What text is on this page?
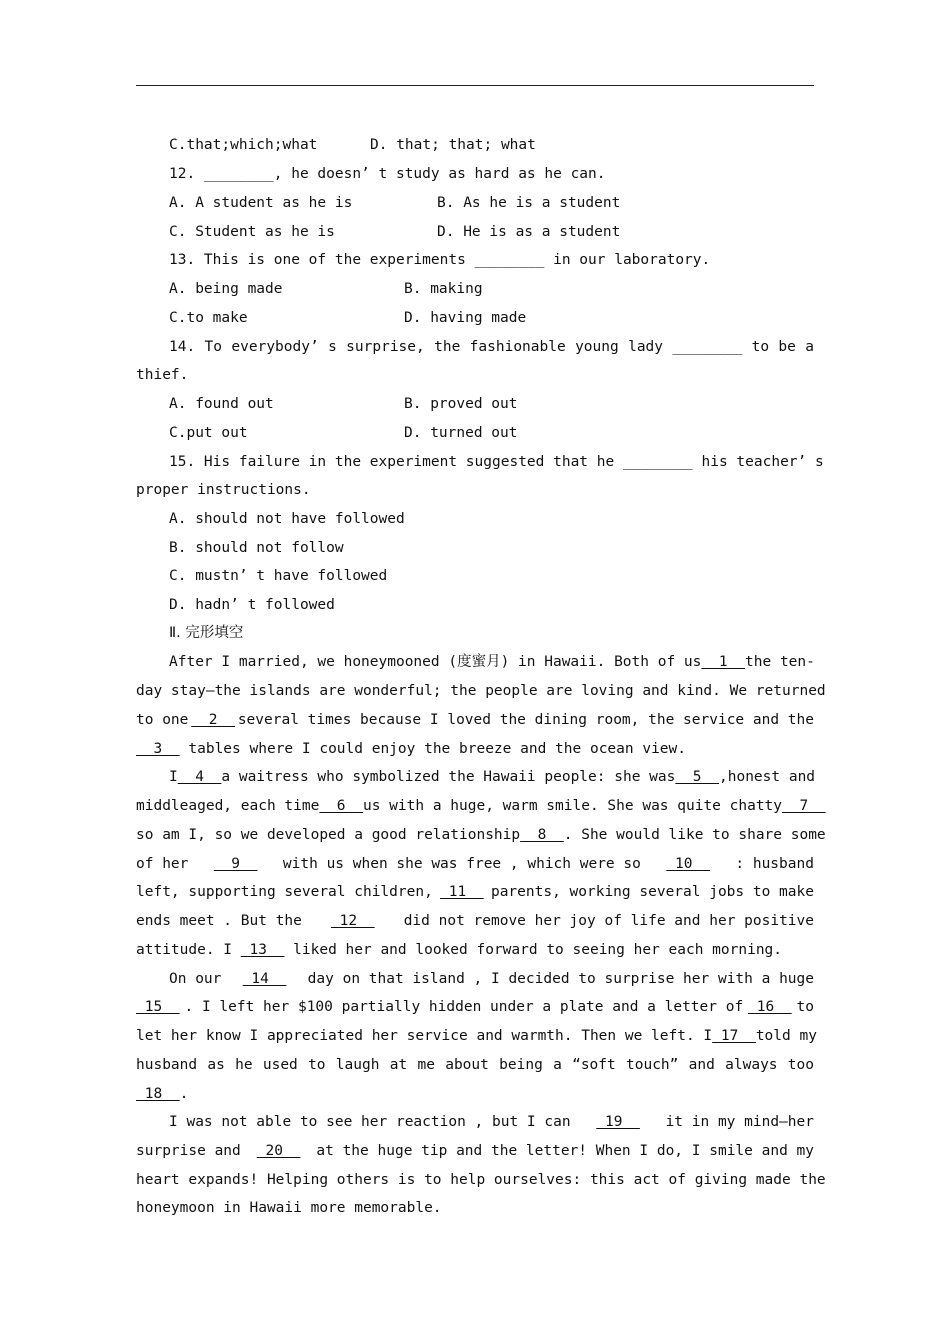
C.that;which;what	D. that; that; what
12. ________, he doesn’ t study as hard as he can.
A. A student as he is	B. As he is a student
C. Student as he is	D. He is as a student
13. This is one of the experiments ________ in our laboratory.
A. being made	B. making
C.to make	D. having made
14. To everybody’ s surprise, the fashionable young lady ________ to be a
thief.
A. found out	B. proved out
C.put out	D. turned out
15. His failure in the experiment suggested that he ________ his teacher’ s
proper instructions.
A. should not have followed
B. should not follow
C. mustn’ t have followed
D. hadn’ t followed
Ⅱ. 完形填空
After I married, we honeymooned (度蜜月) in Hawaii. Both of us 1 the ten-
day stay—the islands are wonderful; the people are loving and kind. We returned
to one 2 several times because I loved the dining room, the service and the
3   tables where I could enjoy the breeze and the ocean view.
I 4 a waitress who symbolized the Hawaii people: she was 5 ,honest and
middleaged, each time 6 us with a huge, warm smile. She was quite chatty 7
so am I, so we developed a good relationship 8 . She would like to share some
of her 9 with us when she was free , which were so 10 : husband
left, supporting several children, 11 parents, working several jobs to make
ends meet . But the 12 did not remove her joy of life and her positive
attitude. I  13   liked her and looked forward to seeing her each morning.
On our 14 day on that island , I decided to surprise her with a huge
15 . I left her $100 partially hidden under a plate and a letter of 16 to
let her know I appreciated her service and warmth. Then we left. I 17 told my
husband as he used to laugh at me about being a “soft touch” and always too
18  .
I was not able to see her reaction , but I can 19 it in my mind—her
surprise and 20 at the huge tip and the letter! When I do, I smile and my
heart expands! Helping others is to help ourselves: this act of giving made the
honeymoon in Hawaii more memorable.
